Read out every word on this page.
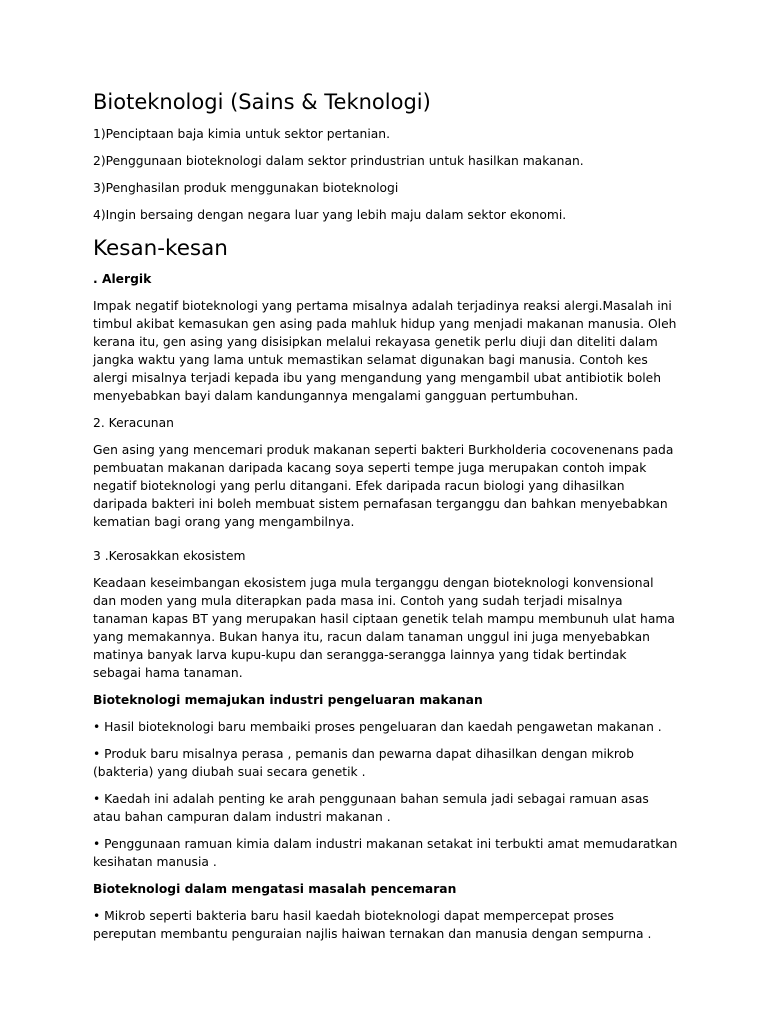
Bioteknologi (Sains & Teknologi)

1)Penciptaan baja kimia untuk sektor pertanian.

2)Penggunaan bioteknologi dalam sektor prindustrian untuk hasilkan makanan.

3)Penghasilan produk menggunakan bioteknologi

4)Ingin bersaing dengan negara luar yang lebih maju dalam sektor ekonomi.

Kesan-kesan

. Alergik

Impak negatif bioteknologi yang pertama misalnya adalah terjadinya reaksi alergi.Masalah ini timbul akibat kemasukan gen asing pada mahluk hidup yang menjadi makanan manusia. Oleh kerana itu, gen asing yang disisipkan melalui rekayasa genetik perlu diuji dan diteliti dalam jangka waktu yang lama untuk memastikan selamat digunakan bagi manusia. Contoh kes alergi misalnya terjadi kepada ibu yang mengandung yang mengambil ubat antibiotik boleh menyebabkan bayi dalam kandungannya mengalami gangguan pertumbuhan.

2. Keracunan

Gen asing yang mencemari produk makanan seperti bakteri Burkholderia cocovenenans pada pembuatan makanan daripada kacang soya seperti tempe juga merupakan contoh impak negatif bioteknologi yang perlu ditangani. Efek daripada racun biologi yang dihasilkan daripada bakteri ini boleh membuat sistem pernafasan terganggu dan bahkan menyebabkan kematian bagi orang yang mengambilnya.

3 .Kerosakkan ekosistem

Keadaan keseimbangan ekosistem juga mula terganggu dengan bioteknologi konvensional dan moden yang mula diterapkan pada masa ini. Contoh yang sudah terjadi misalnya tanaman kapas BT yang merupakan hasil ciptaan genetik telah mampu membunuh ulat hama yang memakannya. Bukan hanya itu, racun dalam tanaman unggul ini juga menyebabkan matinya banyak larva kupu-kupu dan serangga-serangga lainnya yang tidak bertindak sebagai hama tanaman.

Bioteknologi memajukan industri pengeluaran makanan

• Hasil bioteknologi baru membaiki proses pengeluaran dan kaedah pengawetan makanan .

• Produk baru misalnya perasa , pemanis dan pewarna dapat dihasilkan dengan mikrob (bakteria) yang diubah suai secara genetik .

• Kaedah ini adalah penting ke arah penggunaan bahan semula jadi sebagai ramuan asas atau bahan campuran dalam industri makanan .

• Penggunaan ramuan kimia dalam industri makanan setakat ini terbukti amat memudaratkan kesihatan manusia .

Bioteknologi dalam mengatasi masalah pencemaran

• Mikrob seperti bakteria baru hasil kaedah bioteknologi dapat mempercepat proses pereputan membantu penguraian najlis haiwan ternakan dan manusia dengan sempurna .
